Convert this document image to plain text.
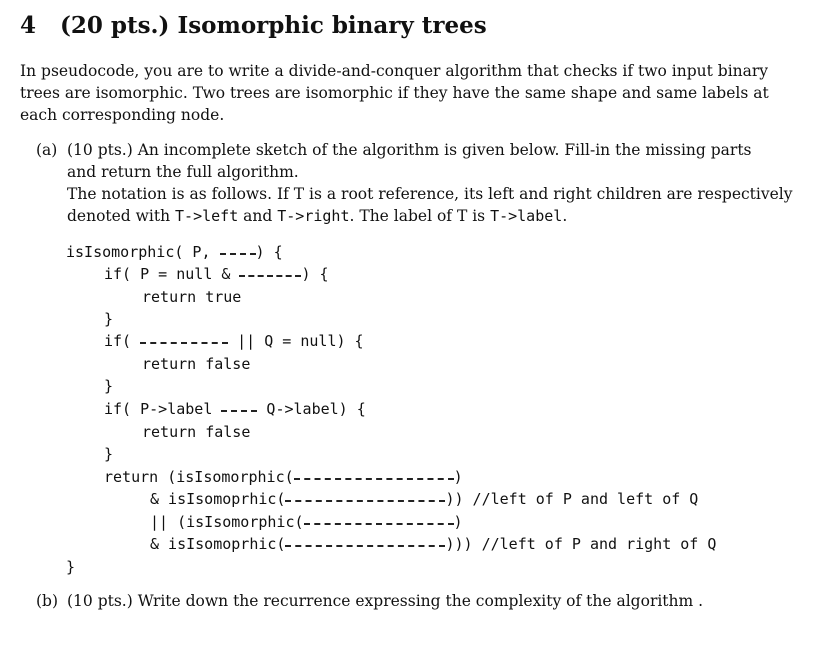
4 (20 pts.) Isomorphic binary trees
In pseudocode, you are to write a divide-and-conquer algorithm that checks if two input binary
trees are isomorphic. Two trees are isomorphic if they have the same shape and same labels at
each corresponding node.
(a) (10 pts.) An incomplete sketch of the algorithm is given below. Fill-in the missing parts
and return the full algorithm.
The notation is as follows. If T is a root reference, its left and right children are respectively
denoted with T->left and T->right. The label of T is T->label.
isIsomorphic( P, ) {
if( P = null &	) {
return true
}
if(	|| Q = null) {
return false
}
if( P->label  Q->label) {
return false
}
return (isIsomorphic(	)
& isIsomoprhic(	)) //left of P and left of Q
|| (isIsomorphic(	)
& isIsomoprhic(	))) //left of P and right of Q
}
(b) (10 pts.) Write down the recurrence expressing the complexity of the algorithm .
